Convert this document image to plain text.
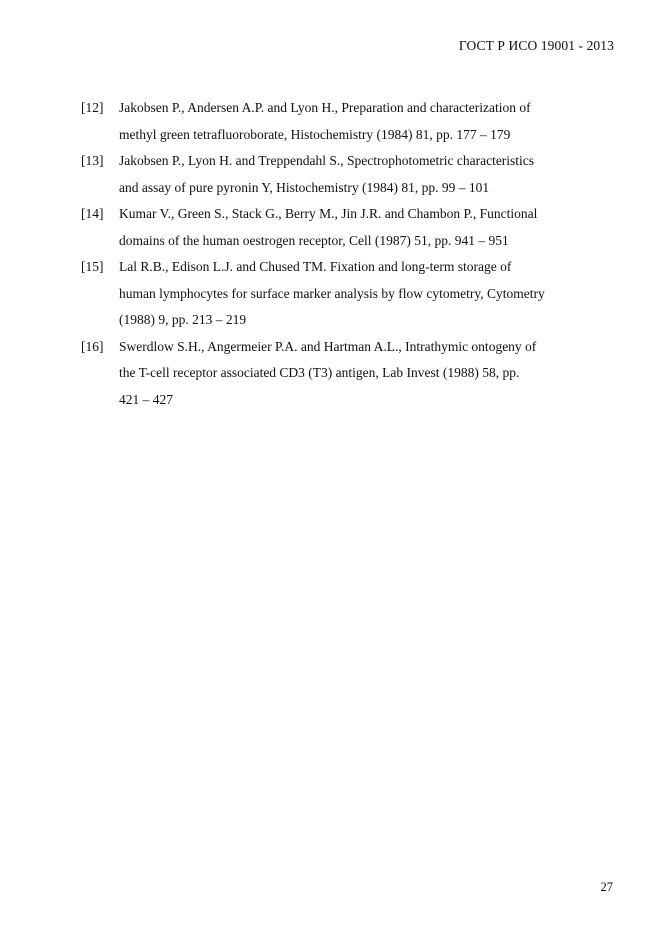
ГОСТ Р ИСО 19001 - 2013
[12] Jakobsen P., Andersen A.P. and Lyon H., Preparation and characterization of
methyl green tetrafluoroborate, Histochemistry (1984) 81, pp. 177 – 179
[13] Jakobsen P., Lyon H. and Treppendahl S., Spectrophotometric characteristics
and assay of pure pyronin Y, Histochemistry (1984) 81, pp. 99 – 101
[14] Kumar V., Green S., Stack G., Berry M., Jin J.R. and Chambon P., Functional
domains of the human oestrogen receptor, Cell (1987) 51, pp. 941 – 951
[15] Lal R.B., Edison L.J. and Chused TM. Fixation and long-term storage of
human lymphocytes for surface marker analysis by flow cytometry, Cytometry
(1988) 9, pp. 213 – 219
[16] Swerdlow S.H., Angermeier P.A. and Hartman A.L., Intrathymic ontogeny of
the T-cell receptor associated CD3 (T3) antigen, Lab Invest (1988) 58, pp.
421 – 427
27
